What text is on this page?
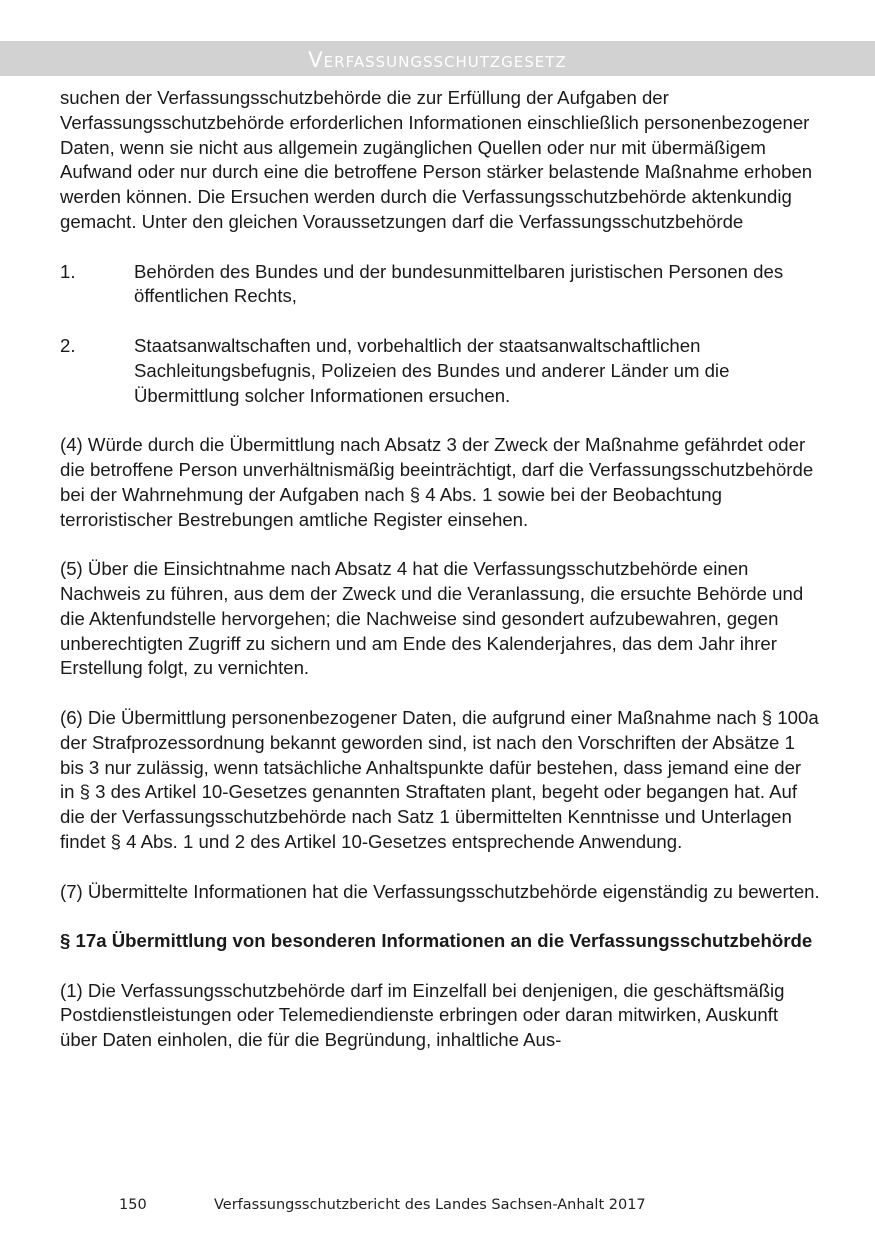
Verfassungsschutzgesetz

suchen der Verfassungsschutzbehörde die zur Erfüllung der Aufgaben der Verfassungsschutzbehörde erforderlichen Informationen einschließlich personenbezogener Daten, wenn sie nicht aus allgemein zugänglichen Quellen oder nur mit übermäßigem Aufwand oder nur durch eine die betroffene Person stärker belastende Maßnahme erhoben werden können. Die Ersuchen werden durch die Verfassungsschutzbehörde aktenkundig gemacht. Unter den gleichen Voraussetzungen darf die Verfassungsschutzbehörde

1.	Behörden des Bundes und der bundesunmittelbaren juristischen Personen des öffentlichen Rechts,
2.	Staatsanwaltschaften und, vorbehaltlich der staatsanwaltschaftlichen Sachleitungsbefugnis, Polizeien des Bundes und anderer Länder um die Übermittlung solcher Informationen ersuchen.

(4) Würde durch die Übermittlung nach Absatz 3 der Zweck der Maßnahme gefährdet oder die betroffene Person unverhältnismäßig beeinträchtigt, darf die Verfassungsschutzbehörde bei der Wahrnehmung der Aufgaben nach § 4 Abs. 1 sowie bei der Beobachtung terroristischer Bestrebungen amtliche Register einsehen.

(5) Über die Einsichtnahme nach Absatz 4 hat die Verfassungsschutzbehörde einen Nachweis zu führen, aus dem der Zweck und die Veranlassung, die ersuchte Behörde und die Aktenfundstelle hervorgehen; die Nachweise sind gesondert aufzubewahren, gegen unberechtigten Zugriff zu sichern und am Ende des Kalenderjahres, das dem Jahr ihrer Erstellung folgt, zu vernichten.

(6) Die Übermittlung personenbezogener Daten, die aufgrund einer Maßnahme nach § 100a der Strafprozessordnung bekannt geworden sind, ist nach den Vorschriften der Absätze 1 bis 3 nur zulässig, wenn tatsächliche Anhaltspunkte dafür bestehen, dass jemand eine der in § 3 des Artikel 10-Gesetzes genannten Straftaten plant, begeht oder begangen hat. Auf die der Verfassungsschutzbehörde nach Satz 1 übermittelten Kenntnisse und Unterlagen findet § 4 Abs. 1 und 2 des Artikel 10-Gesetzes entsprechende Anwendung.

(7) Übermittelte Informationen hat die Verfassungsschutzbehörde eigenständig zu bewerten.

§ 17a Übermittlung von besonderen Informationen an die Verfassungsschutzbehörde

(1) Die Verfassungsschutzbehörde darf im Einzelfall bei denjenigen, die geschäftsmäßig Postdienstleistungen oder Telemediendienste erbringen oder daran mitwirken, Auskunft über Daten einholen, die für die Begründung, inhaltliche Aus-

150	Verfassungsschutzbericht des Landes Sachsen-Anhalt 2017
